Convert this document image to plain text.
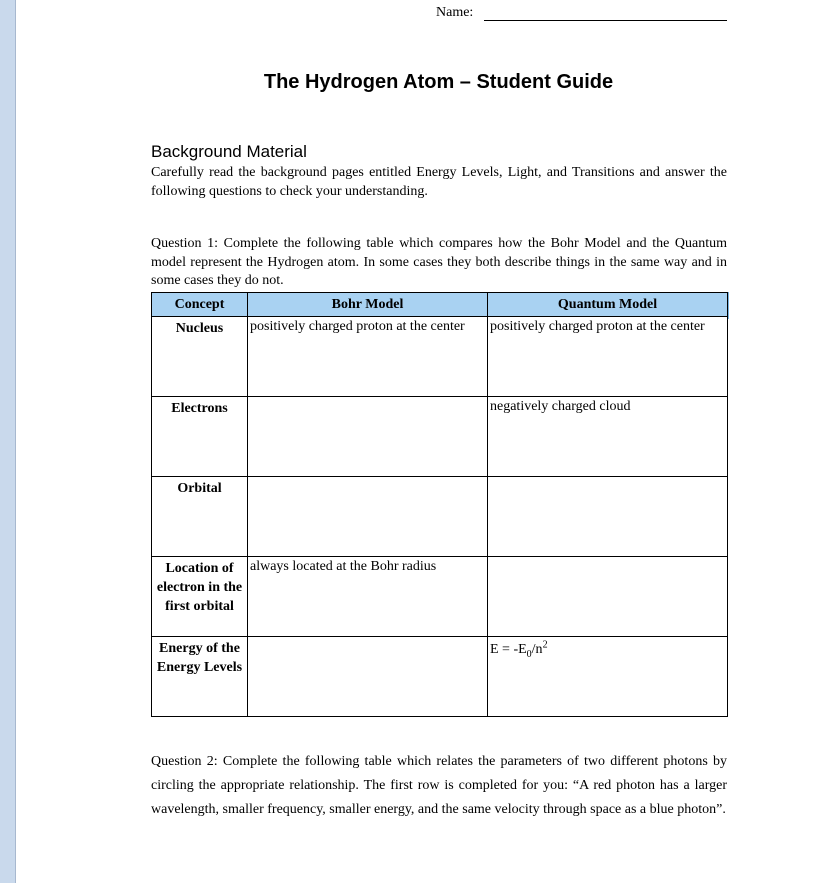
Name:
The Hydrogen Atom – Student Guide
Background Material
Carefully read the background pages entitled Energy Levels, Light, and Transitions and answer the following questions to check your understanding.
Question 1: Complete the following table which compares how the Bohr Model and the Quantum model represent the Hydrogen atom. In some cases they both describe things in the same way and in some cases they do not.
Concept	Bohr Model	Quantum Model
Nucleus	positively charged proton at the center	positively charged proton at the center
Electrons		negatively charged cloud
Orbital		
Location of electron in the first orbital	always located at the Bohr radius	
Energy of the Energy Levels		$E = -E_0/n^2$
Question 2: Complete the following table which relates the parameters of two different photons by circling the appropriate relationship. The first row is completed for you: “A red photon has a larger wavelength, smaller frequency, smaller energy, and the same velocity through space as a blue photon”.
